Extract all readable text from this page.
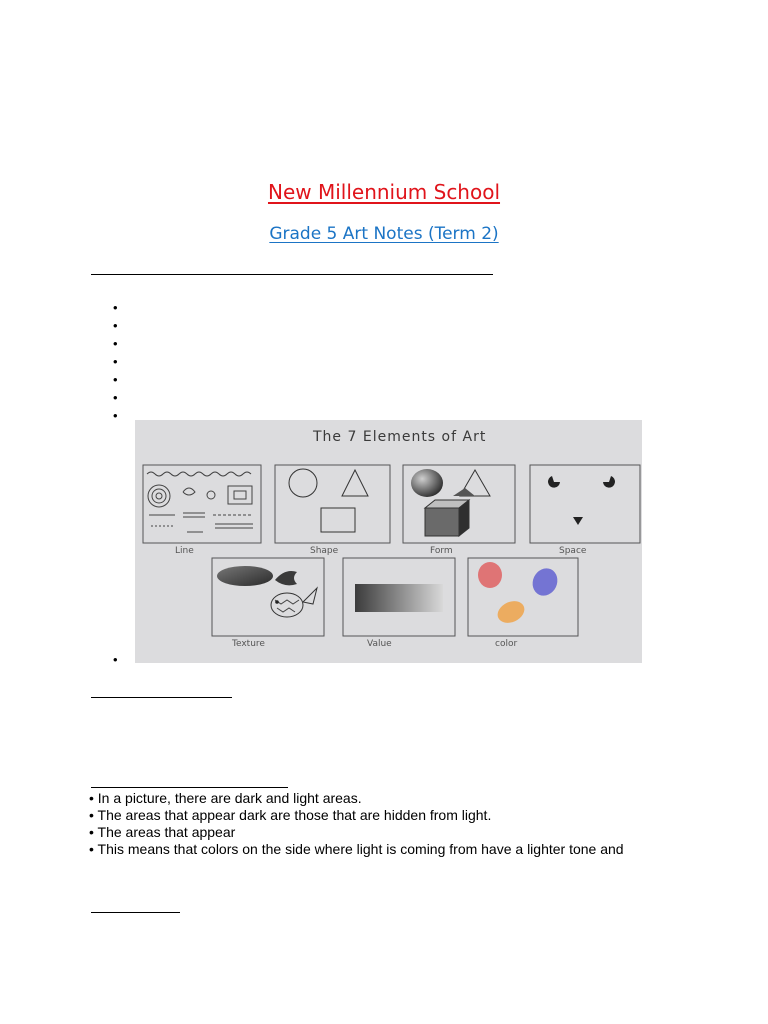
New Millennium School
Grade 5 Art Notes (Term 2)
•
•
•
•
•
•
•
•
The 7 Elements of Art
Line	Shape	Form	Space
Texture	Value	color
• In a picture, there are dark and light areas.
• The areas that appear dark are those that are hidden from light.
• The areas that appear
• This means that colors on the side where light is coming from have a lighter tone and
